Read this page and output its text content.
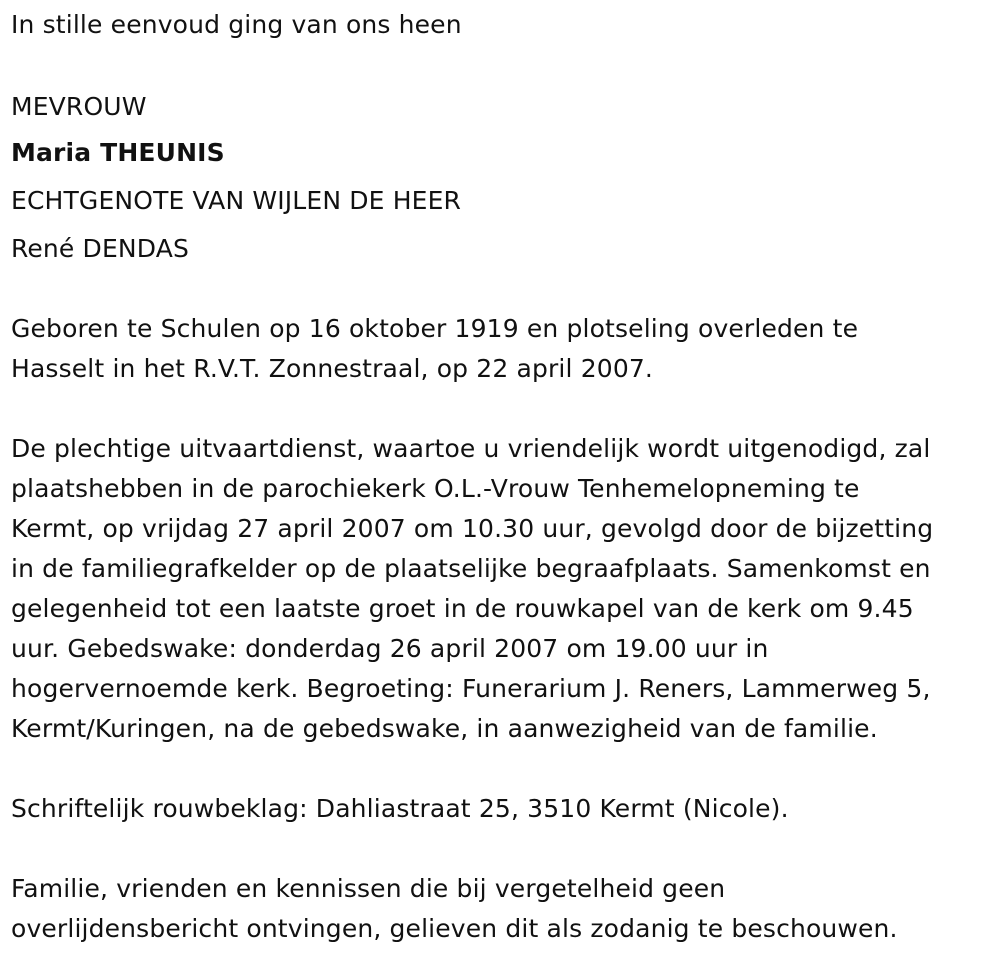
In stille eenvoud ging van ons heen
MEVROUW
Maria THEUNIS
ECHTGENOTE VAN WIJLEN DE HEER
René DENDAS
Geboren te Schulen op 16 oktober 1919 en plotseling overleden te
Hasselt in het R.V.T. Zonnestraal, op 22 april 2007.
De plechtige uitvaartdienst, waartoe u vriendelijk wordt uitgenodigd, zal
plaatshebben in de parochiekerk O.L.-Vrouw Tenhemelopneming te
Kermt, op vrijdag 27 april 2007 om 10.30 uur, gevolgd door de bijzetting
in de familiegrafkelder op de plaatselijke begraafplaats. Samenkomst en
gelegenheid tot een laatste groet in de rouwkapel van de kerk om 9.45
uur. Gebedswake: donderdag 26 april 2007 om 19.00 uur in
hogervernoemde kerk. Begroeting: Funerarium J. Reners, Lammerweg 5,
Kermt/Kuringen, na de gebedswake, in aanwezigheid van de familie.
Schriftelijk rouwbeklag: Dahliastraat 25, 3510 Kermt (Nicole).
Familie, vrienden en kennissen die bij vergetelheid geen
overlijdensbericht ontvingen, gelieven dit als zodanig te beschouwen.
